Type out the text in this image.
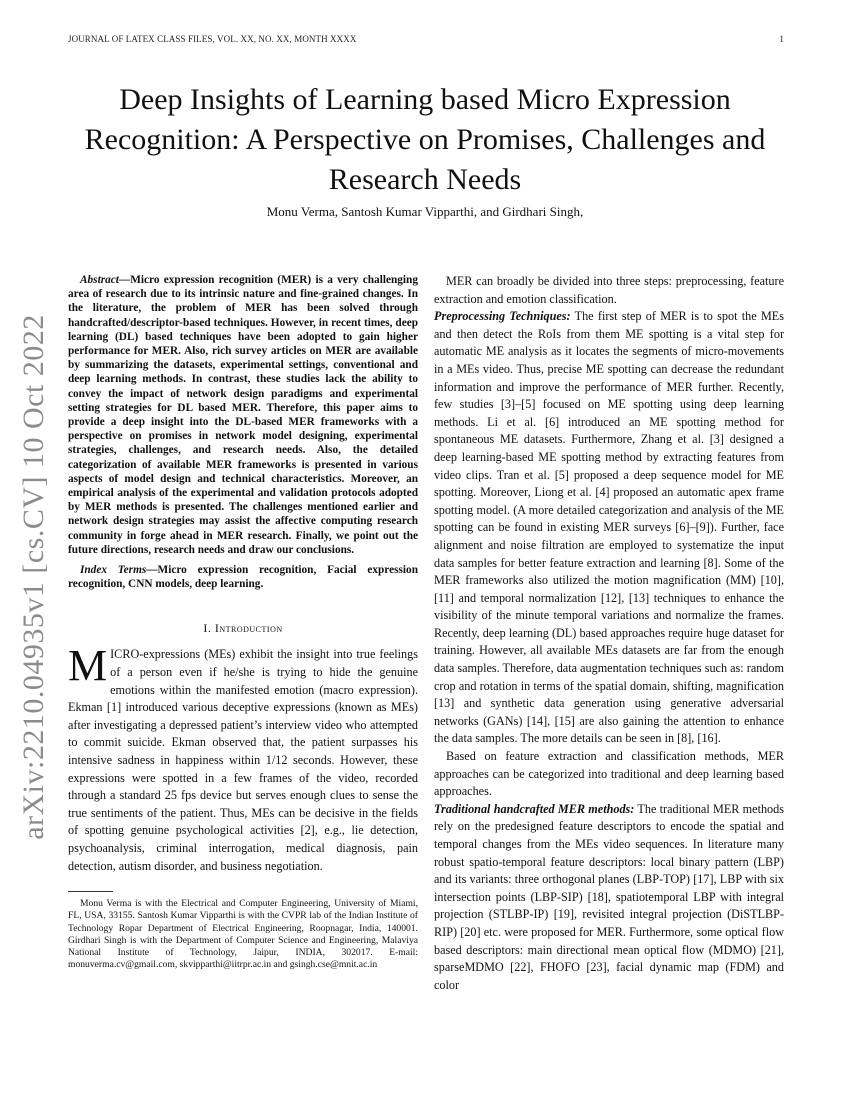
JOURNAL OF LATEX CLASS FILES, VOL. XX, NO. XX, MONTH XXXX	1
arXiv:2210.04935v1 [cs.CV] 10 Oct 2022
Deep Insights of Learning based Micro Expression Recognition: A Perspective on Promises, Challenges and Research Needs
Monu Verma, Santosh Kumar Vipparthi, and Girdhari Singh,

Abstract—Micro expression recognition (MER) is a very challenging area of research due to its intrinsic nature and fine-grained changes. In the literature, the problem of MER has been solved through handcrafted/descriptor-based techniques. However, in recent times, deep learning (DL) based techniques have been adopted to gain higher performance for MER. Also, rich survey articles on MER are available by summarizing the datasets, experimental settings, conventional and deep learning methods. In contrast, these studies lack the ability to convey the impact of network design paradigms and experimental setting strategies for DL based MER. Therefore, this paper aims to provide a deep insight into the DL-based MER frameworks with a perspective on promises in network model designing, experimental strategies, challenges, and research needs. Also, the detailed categorization of available MER frameworks is presented in various aspects of model design and technical characteristics. Moreover, an empirical analysis of the experimental and validation protocols adopted by MER methods is presented. The challenges mentioned earlier and network design strategies may assist the affective computing research community in forge ahead in MER research. Finally, we point out the future directions, research needs and draw our conclusions.

Index Terms—Micro expression recognition, Facial expression recognition, CNN models, deep learning.

I. Introduction

MICRO-expressions (MEs) exhibit the insight into true feelings of a person even if he/she is trying to hide the genuine emotions within the manifested emotion (macro expression). Ekman [1] introduced various deceptive expressions (known as MEs) after investigating a depressed patient’s interview video who attempted to commit suicide. Ekman observed that, the patient surpasses his intensive sadness in happiness within 1/12 seconds. However, these expressions were spotted in a few frames of the video, recorded through a standard 25 fps device but serves enough clues to sense the true sentiments of the patient. Thus, MEs can be decisive in the fields of spotting genuine psychological activities [2], e.g., lie detection, psychoanalysis, criminal interrogation, medical diagnosis, pain detection, autism disorder, and business negotiation.

Monu Verma is with the Electrical and Computer Engineering, University of Miami, FL, USA, 33155. Santosh Kumar Vipparthi is with the CVPR lab of the Indian Institute of Technology Ropar Department of Electrical Engineering, Roopnagar, India, 140001. Girdhari Singh is with the Department of Computer Science and Engineering, Malaviya National Institute of Technology, Jaipur, INDIA, 302017. E-mail: monuverma.cv@gmail.com, skvipparthi@iitrpr.ac.in and gsingh.cse@mnit.ac.in

MER can broadly be divided into three steps: preprocessing, feature extraction and emotion classification.

Preprocessing Techniques: The first step of MER is to spot the MEs and then detect the RoIs from them ME spotting is a vital step for automatic ME analysis as it locates the segments of micro-movements in a MEs video. Thus, precise ME spotting can decrease the redundant information and improve the performance of MER further. Recently, few studies [3]–[5] focused on ME spotting using deep learning methods. Li et al. [6] introduced an ME spotting method for spontaneous ME datasets. Furthermore, Zhang et al. [3] designed a deep learning-based ME spotting method by extracting features from video clips. Tran et al. [5] proposed a deep sequence model for ME spotting. Moreover, Liong et al. [4] proposed an automatic apex frame spotting model. (A more detailed categorization and analysis of the ME spotting can be found in existing MER surveys [6]–[9]). Further, face alignment and noise filtration are employed to systematize the input data samples for better feature extraction and learning [8]. Some of the MER frameworks also utilized the motion magnification (MM) [10], [11] and temporal normalization [12], [13] techniques to enhance the visibility of the minute temporal variations and normalize the frames. Recently, deep learning (DL) based approaches require huge dataset for training. However, all available MEs datasets are far from the enough data samples. Therefore, data augmentation techniques such as: random crop and rotation in terms of the spatial domain, shifting, magnification [13] and synthetic data generation using generative adversarial networks (GANs) [14], [15] are also gaining the attention to enhance the data samples. The more details can be seen in [8], [16].

Based on feature extraction and classification methods, MER approaches can be categorized into traditional and deep learning based approaches.

Traditional handcrafted MER methods: The traditional MER methods rely on the predesigned feature descriptors to encode the spatial and temporal changes from the MEs video sequences. In literature many robust spatio-temporal feature descriptors: local binary pattern (LBP) and its variants: three orthogonal planes (LBP-TOP) [17], LBP with six intersection points (LBP-SIP) [18], spatiotemporal LBP with integral projection (STLBP-IP) [19], revisited integral projection (DiSTLBP-RIP) [20] etc. were proposed for MER. Furthermore, some optical flow based descriptors: main directional mean optical flow (MDMO) [21], sparseMDMO [22], FHOFO [23], facial dynamic map (FDM) and color
